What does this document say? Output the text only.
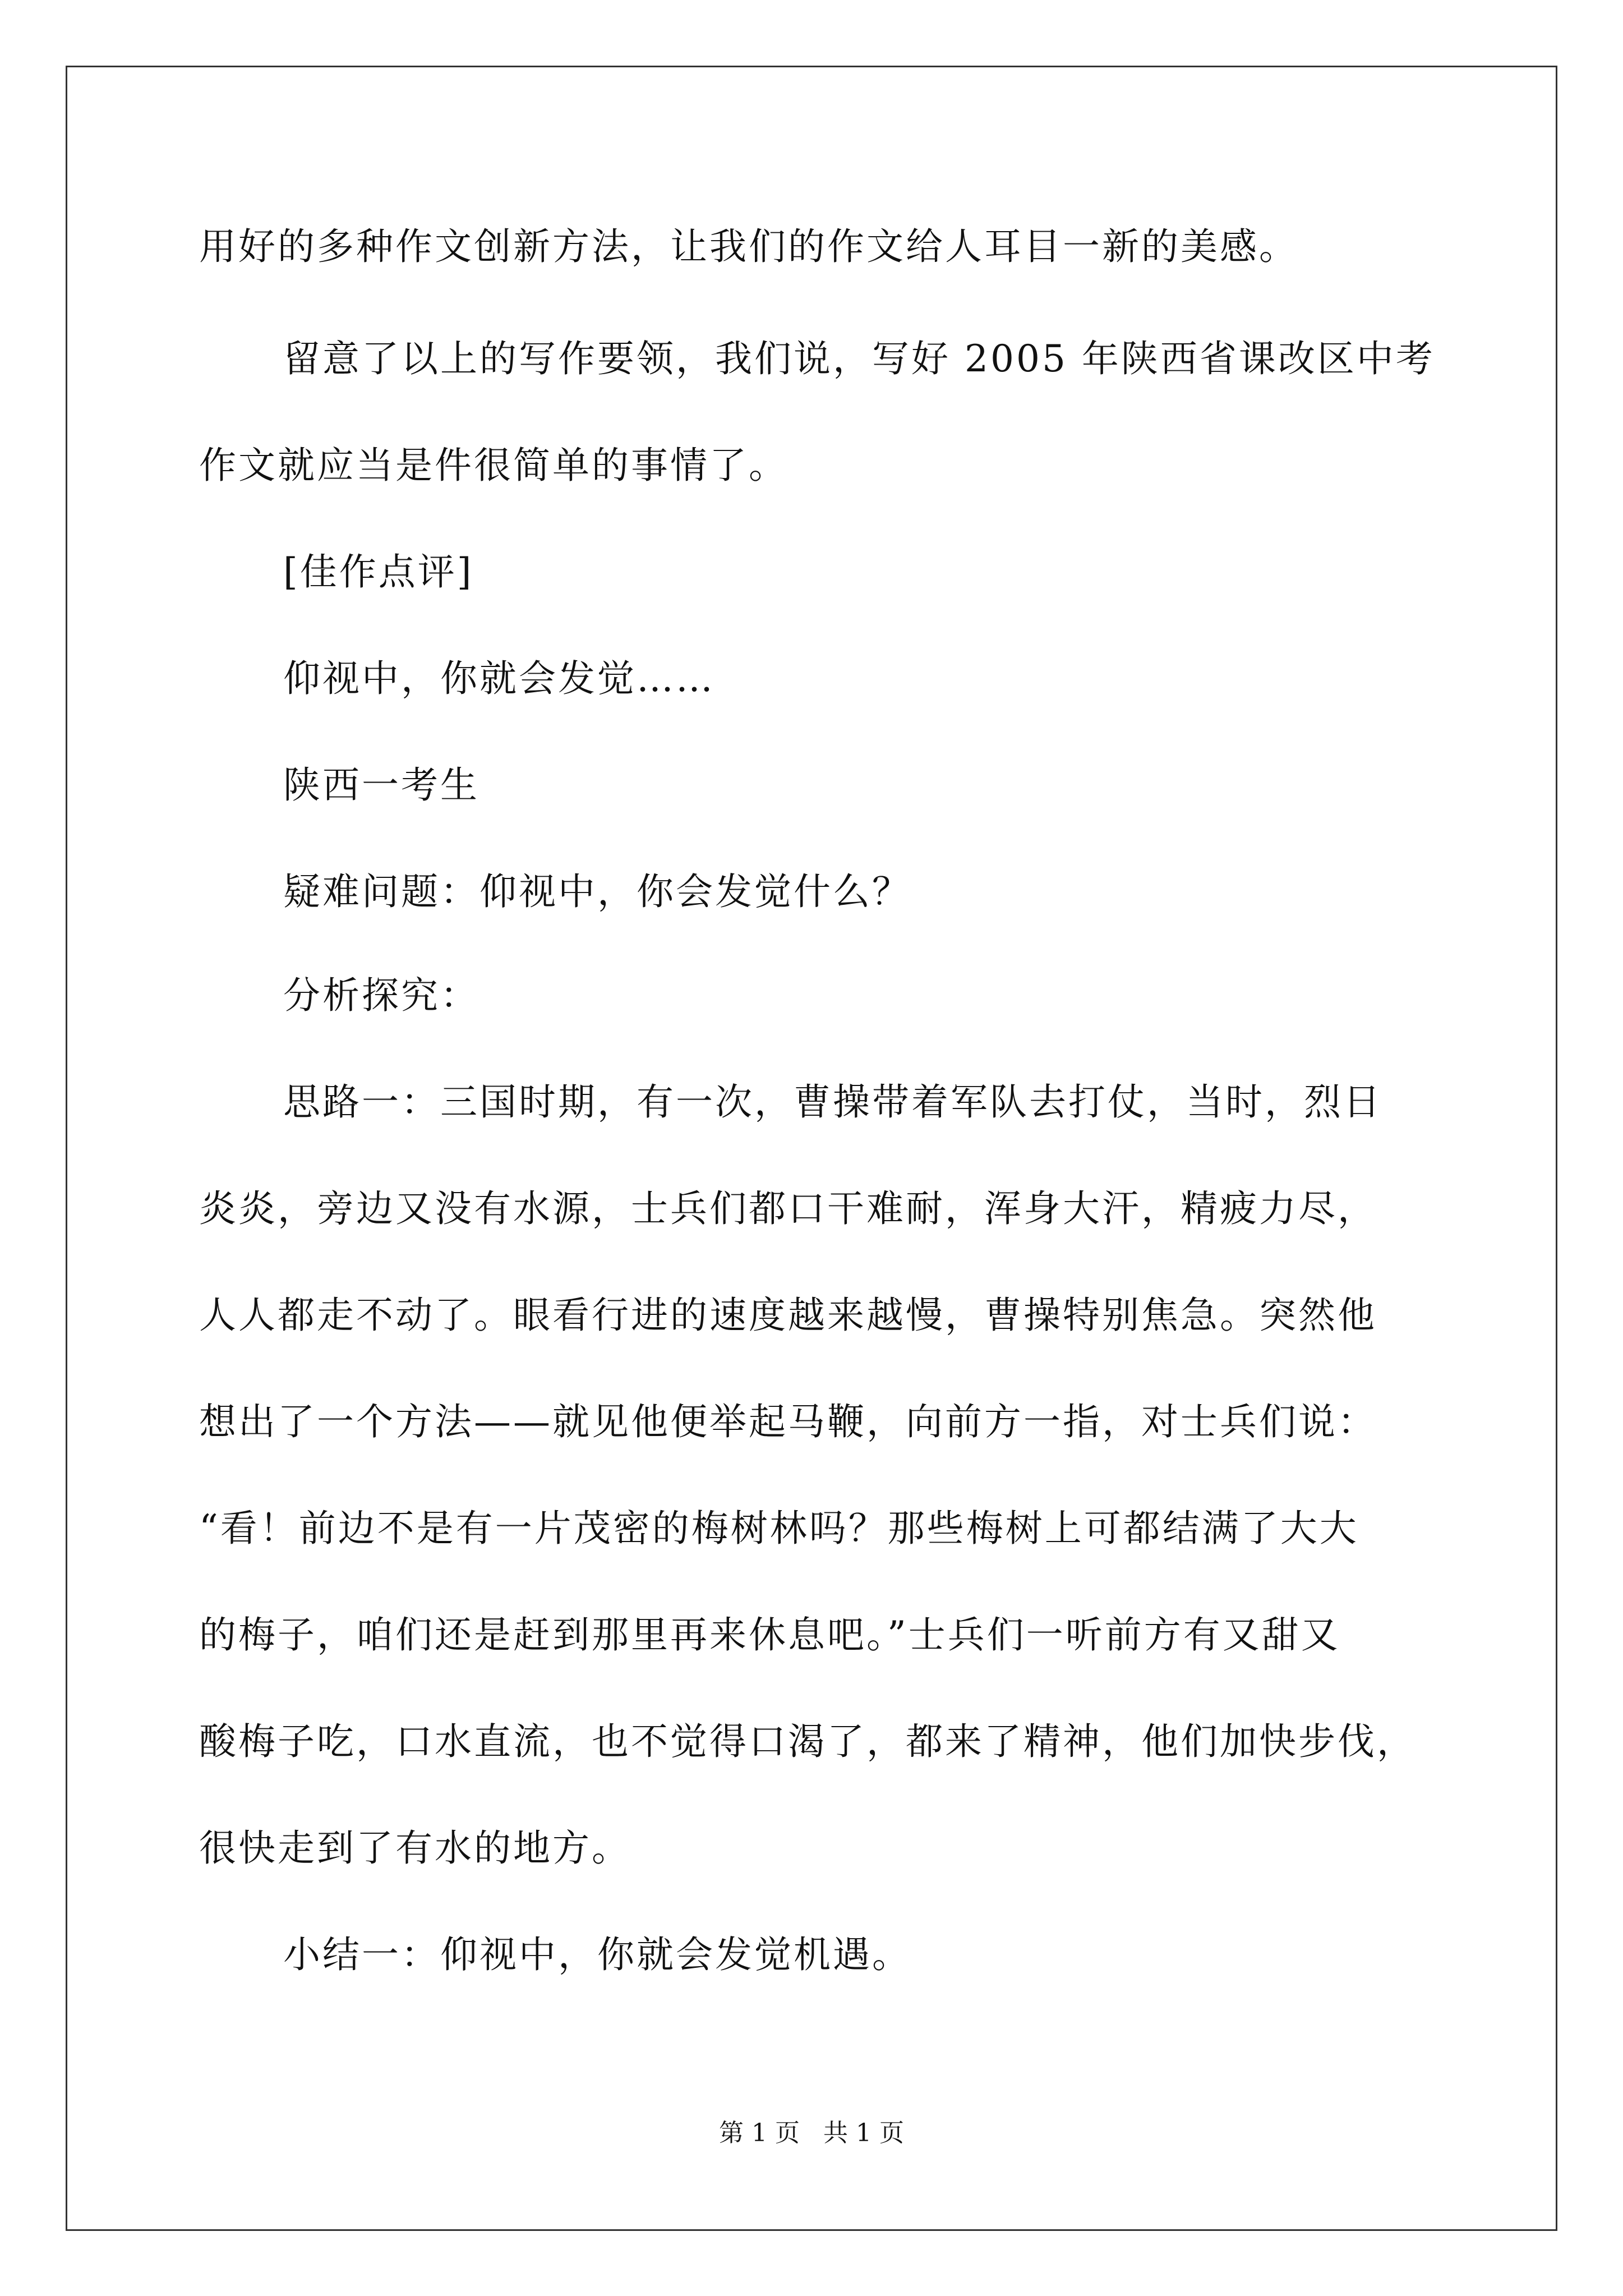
用好的多种作文创新方法，让我们的作文给人耳目一新的美感。
留意了以上的写作要领，我们说，写好 2005 年陕西省课改区中考
作文就应当是件很简单的事情了。
[佳作点评]
仰视中，你就会发觉……
陕西一考生
疑难问题：仰视中，你会发觉什么？
分析探究：
思路一：三国时期，有一次，曹操带着军队去打仗，当时，烈日
炎炎，旁边又没有水源，士兵们都口干难耐，浑身大汗，精疲力尽，
人人都走不动了。眼看行进的速度越来越慢，曹操特别焦急。突然他
想出了一个方法——就见他便举起马鞭，向前方一指，对士兵们说：
“看！前边不是有一片茂密的梅树林吗？那些梅树上可都结满了大大
的梅子，咱们还是赶到那里再来休息吧。”士兵们一听前方有又甜又
酸梅子吃，口水直流，也不觉得口渴了，都来了精神，他们加快步伐，
很快走到了有水的地方。
小结一：仰视中，你就会发觉机遇。
第 1 页   共 1 页
